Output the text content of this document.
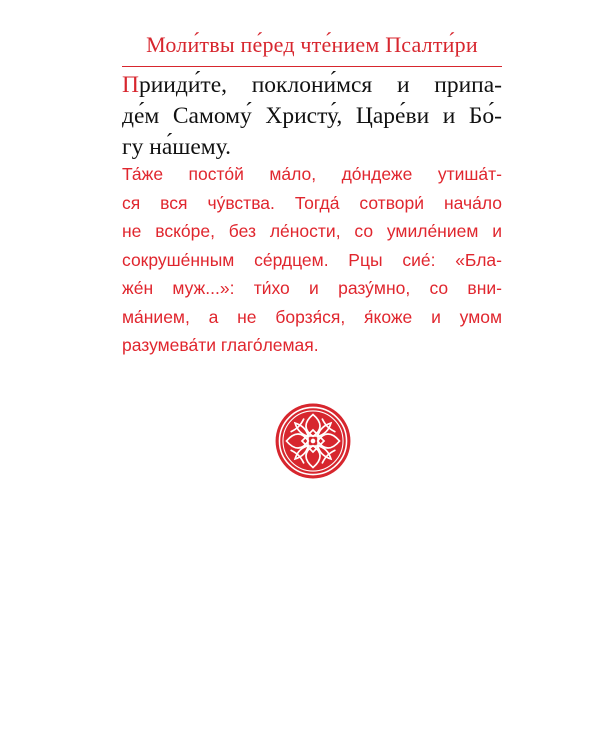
Моли́твы пе́ред чте́нием Псалти́ри
Прииди́те, поклони́мся и припа-
де́м Самому́ Христу́, Царе́ви и Бо́-
гу на́шему.
Та́же посто́й ма́ло, до́ндеже утиша́т-
ся вся чу́вства. Тогда́ сотвори́ нача́ло
не вско́ре, без ле́ности, со умиле́нием и
сокруше́нным се́рдцем. Рцы сие́: «Бла-
же́н муж...»: ти́хо и разу́мно, со вни-
ма́нием, а не борзя́ся, я́коже и умом
разумева́ти глаго́лемая.
